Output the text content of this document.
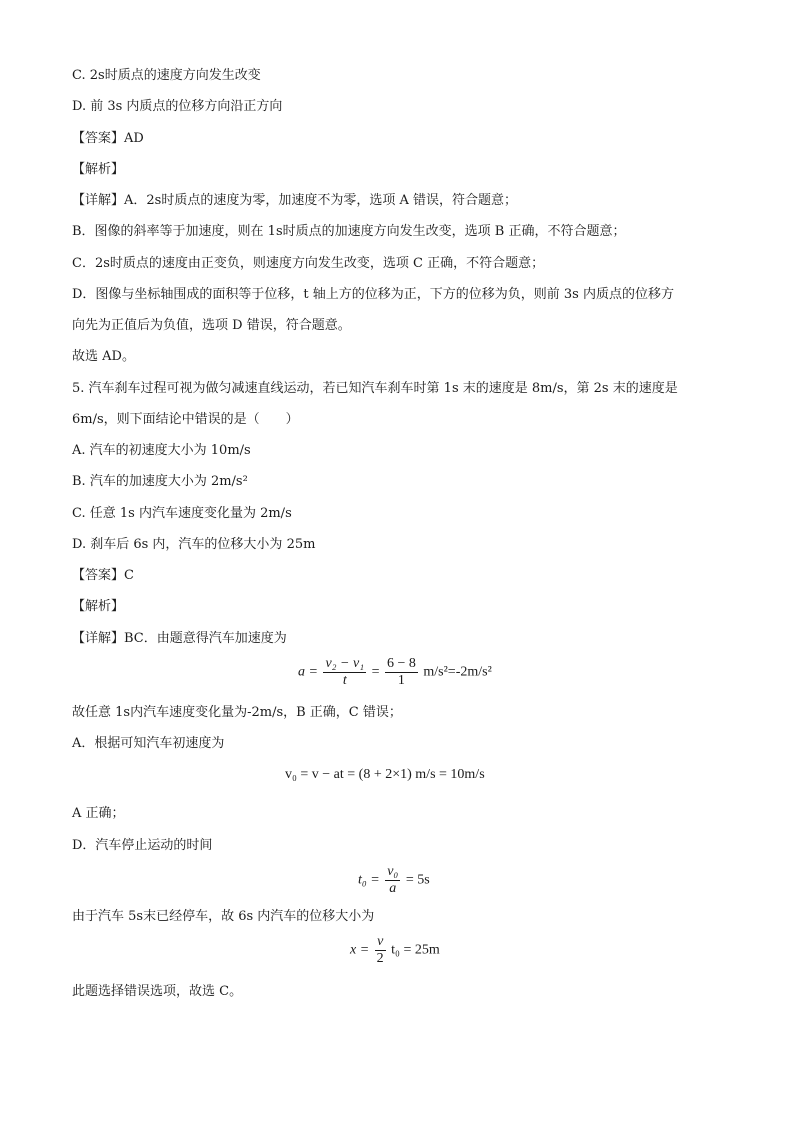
C. 2s时质点的速度方向发生改变
D. 前 3s 内质点的位移方向沿正方向
【答案】AD
【解析】
【详解】A．2s时质点的速度为零，加速度不为零，选项 A 错误，符合题意；
B．图像的斜率等于加速度，则在 1s时质点的加速度方向发生改变，选项 B 正确，不符合题意；
C．2s时质点的速度由正变负，则速度方向发生改变，选项 C 正确，不符合题意；
D．图像与坐标轴围成的面积等于位移，t 轴上方的位移为正，下方的位移为负，则前 3s 内质点的位移方
向先为正值后为负值，选项 D 错误，符合题意。
故选 AD。
5. 汽车刹车过程可视为做匀减速直线运动，若已知汽车刹车时第 1s 末的速度是 8m/s，第 2s 末的速度是
6m/s，则下面结论中错误的是（　　）
A. 汽车的初速度大小为 10m/s
B. 汽车的加速度大小为 2m/s²
C. 任意 1s 内汽车速度变化量为 2m/s
D. 刹车后 6s 内，汽车的位移大小为 25m
【答案】C
【解析】
【详解】BC．由题意得汽车加速度为
$a = \frac{\text{v₂ − v₁}}{t} = \frac{6 - 8}{1} m/s^2=-2m/s^2$
故任意 1s内汽车速度变化量为-2m/s，B 正确，C 错误；
A．根据可知汽车初速度为
v₀ = v − at = (8 + 2×1) m/s = 10m/s
A 正确；
D．汽车停止运动的时间
$t_0 = \frac{\text{v₀}}{a} = 5s$
由于汽车 5s末已经停车，故 6s 内汽车的位移大小为
$x = \frac{v}{2} t_0 = 25m$
此题选择错误选项，故选 C。
